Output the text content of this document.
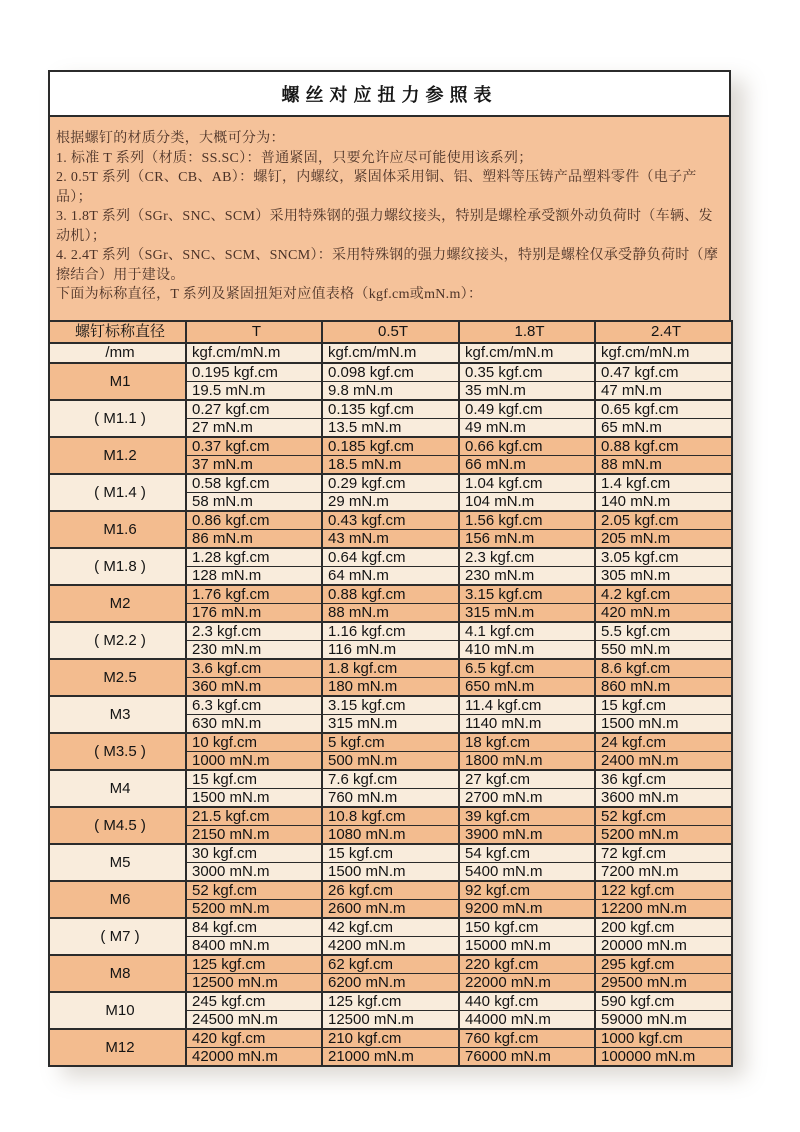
螺丝对应扭力参照表
根据螺钉的材质分类，大概可分为：
1. 标准 T 系列（材质：SS.SC）：普通紧固，只要允许应尽可能使用该系列；
2. 0.5T 系列（CR、CB、AB）：螺钉，内螺纹，紧固体采用铜、铝、塑料等压铸产品塑料零件（电子产品）；
3. 1.8T 系列（SGr、SNC、SCM）采用特殊钢的强力螺纹接头，特别是螺栓承受额外动负荷时（车辆、发动机）；
4. 2.4T 系列（SGr、SNC、SCM、SNCM）：采用特殊钢的强力螺纹接头，特别是螺栓仅承受静负荷时（摩擦结合）用于建设。
下面为标称直径，T 系列及紧固扭矩对应值表格（kgf.cm或mN.m）：
螺钉标称直径	T	0.5T	1.8T	2.4T
/mm	kgf.cm/mN.m	kgf.cm/mN.m	kgf.cm/mN.m	kgf.cm/mN.m
M1	0.195 kgf.cm	0.098 kgf.cm	0.35 kgf.cm	0.47 kgf.cm
	19.5 mN.m	9.8 mN.m	35 mN.m	47 mN.m
( M1.1 )	0.27 kgf.cm	0.135 kgf.cm	0.49 kgf.cm	0.65 kgf.cm
	27 mN.m	13.5 mN.m	49 mN.m	65 mN.m
M1.2	0.37 kgf.cm	0.185 kgf.cm	0.66 kgf.cm	0.88 kgf.cm
	37 mN.m	18.5 mN.m	66 mN.m	88 mN.m
( M1.4 )	0.58 kgf.cm	0.29 kgf.cm	1.04 kgf.cm	1.4 kgf.cm
	58 mN.m	29 mN.m	104 mN.m	140 mN.m
M1.6	0.86 kgf.cm	0.43 kgf.cm	1.56 kgf.cm	2.05 kgf.cm
	86 mN.m	43 mN.m	156 mN.m	205 mN.m
( M1.8 )	1.28 kgf.cm	0.64 kgf.cm	2.3 kgf.cm	3.05 kgf.cm
	128 mN.m	64 mN.m	230 mN.m	305 mN.m
M2	1.76 kgf.cm	0.88 kgf.cm	3.15 kgf.cm	4.2 kgf.cm
	176 mN.m	88 mN.m	315 mN.m	420 mN.m
( M2.2 )	2.3 kgf.cm	1.16 kgf.cm	4.1 kgf.cm	5.5 kgf.cm
	230 mN.m	116 mN.m	410 mN.m	550 mN.m
M2.5	3.6 kgf.cm	1.8 kgf.cm	6.5 kgf.cm	8.6 kgf.cm
	360 mN.m	180 mN.m	650 mN.m	860 mN.m
M3	6.3 kgf.cm	3.15 kgf.cm	11.4 kgf.cm	15 kgf.cm
	630 mN.m	315 mN.m	1140 mN.m	1500 mN.m
( M3.5 )	10 kgf.cm	5 kgf.cm	18 kgf.cm	24 kgf.cm
	1000 mN.m	500 mN.m	1800 mN.m	2400 mN.m
M4	15 kgf.cm	7.6 kgf.cm	27 kgf.cm	36 kgf.cm
	1500 mN.m	760 mN.m	2700 mN.m	3600 mN.m
( M4.5 )	21.5 kgf.cm	10.8 kgf.cm	39 kgf.cm	52 kgf.cm
	2150 mN.m	1080 mN.m	3900 mN.m	5200 mN.m
M5	30 kgf.cm	15 kgf.cm	54 kgf.cm	72 kgf.cm
	3000 mN.m	1500 mN.m	5400 mN.m	7200 mN.m
M6	52 kgf.cm	26 kgf.cm	92 kgf.cm	122 kgf.cm
	5200 mN.m	2600 mN.m	9200 mN.m	12200 mN.m
( M7 )	84 kgf.cm	42 kgf.cm	150 kgf.cm	200 kgf.cm
	8400 mN.m	4200 mN.m	15000 mN.m	20000 mN.m
M8	125 kgf.cm	62 kgf.cm	220 kgf.cm	295 kgf.cm
	12500 mN.m	6200 mN.m	22000 mN.m	29500 mN.m
M10	245 kgf.cm	125 kgf.cm	440 kgf.cm	590 kgf.cm
	24500 mN.m	12500 mN.m	44000 mN.m	59000 mN.m
M12	420 kgf.cm	210 kgf.cm	760 kgf.cm	1000 kgf.cm
	42000 mN.m	21000 mN.m	76000 mN.m	100000 mN.m
